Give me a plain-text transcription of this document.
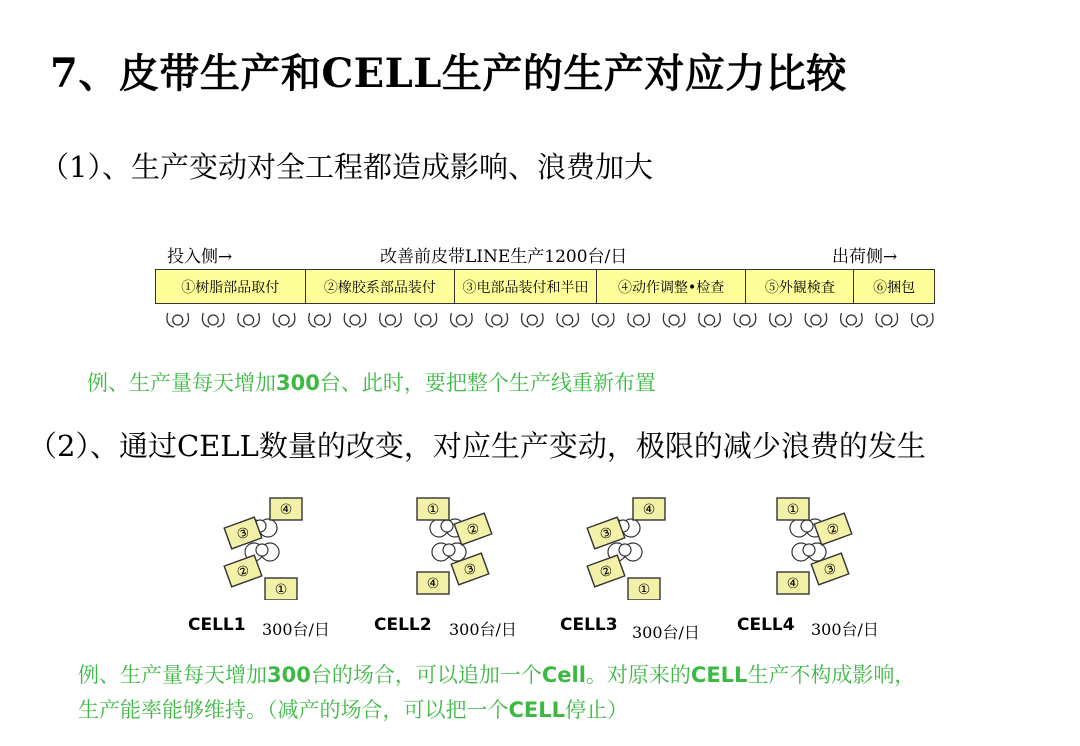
7、皮带生产和CELL生产的生产对应力比较
（1）、生产变动对全工程都造成影响、浪费加大
投入侧→	改善前皮带LINE生产1200台/日	出荷侧→
①树脂部品取付	②橡胶系部品装付	③电部品装付和半田	④动作调整•检查	⑤外観検査	⑥捆包
例、生产量每天增加300台、此时，要把整个生产线重新布置
（2）、通过CELL数量的改变，对应生产变动，极限的减少浪费的发生
④
③
②
①
①
②
④
③
④
③
②
①
①
②
④
③
CELL1 300台/日	CELL2 300台/日	CELL3 300台/日 CELL4 300台/日
例、生产量每天增加300台的场合，可以追加一个Cell。对原来的CELL生产不构成影响，
生产能率能够维持。（减产的场合，可以把一个CELL停止）
